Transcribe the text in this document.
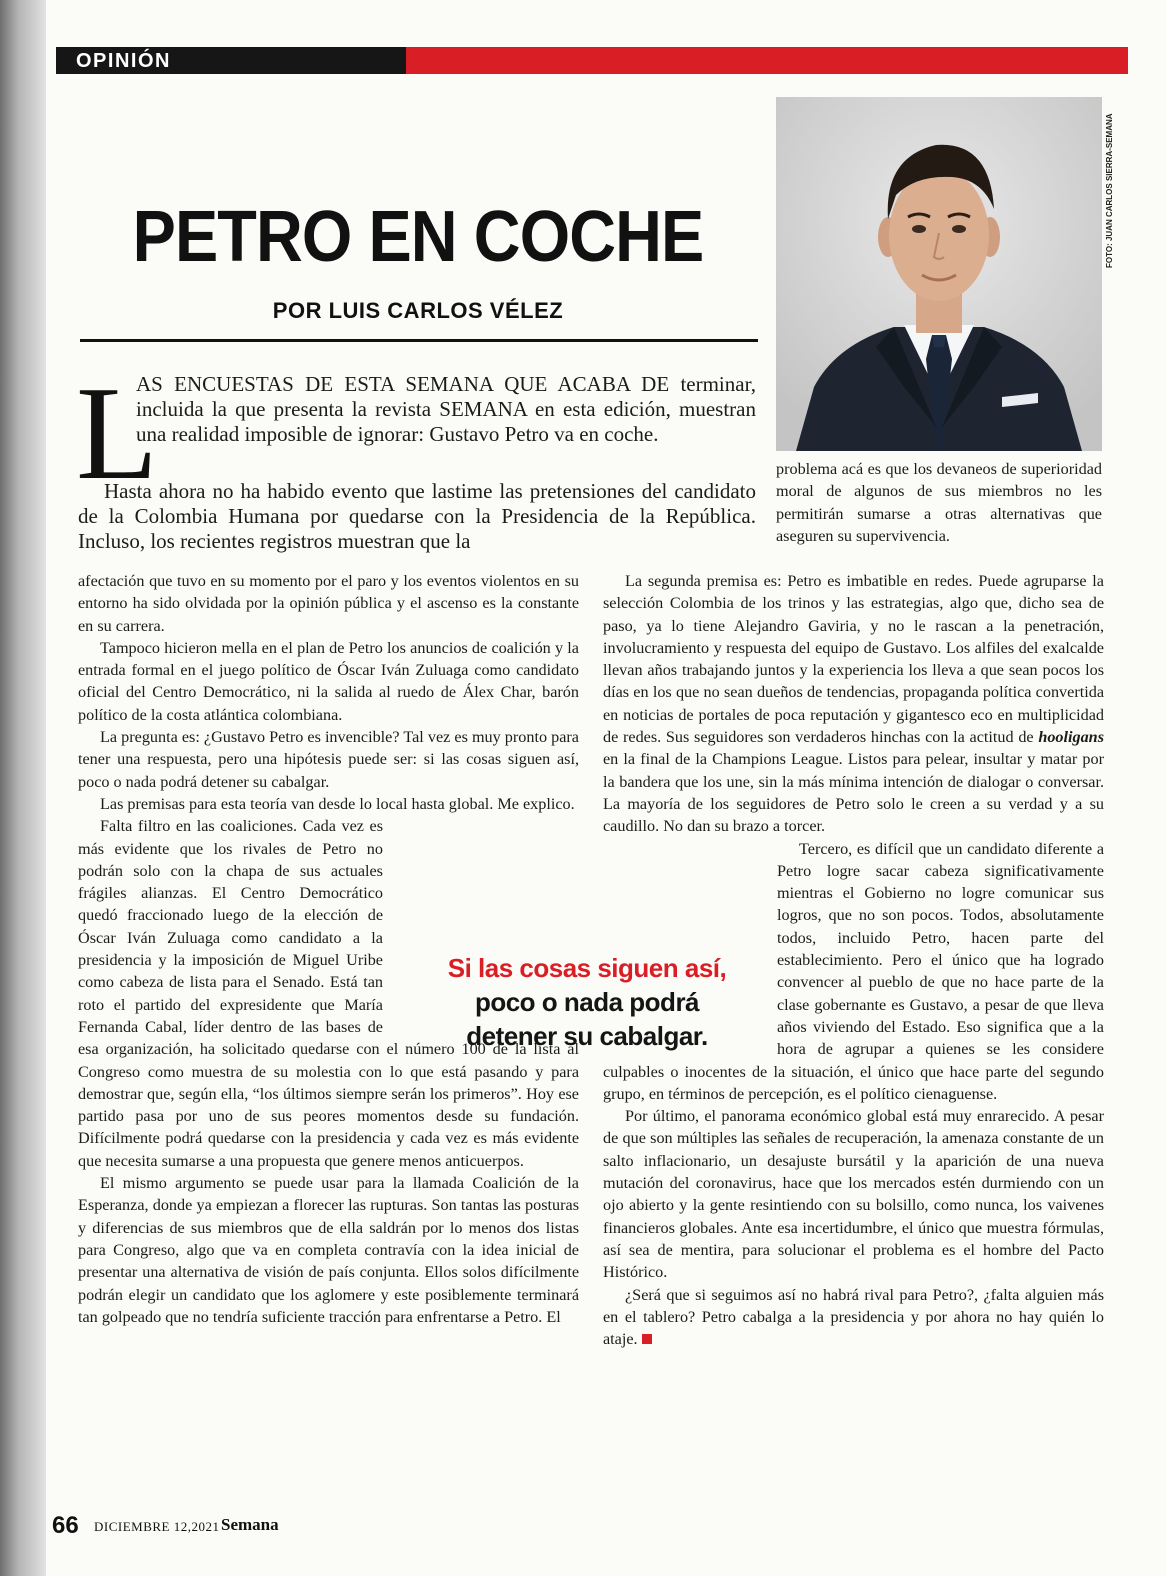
OPINIÓN
PETRO EN COCHE
POR LUIS CARLOS VÉLEZ
FOTO: JUAN CARLOS SIERRA-SEMANA
L

AS ENCUESTAS DE ESTA SEMANA QUE ACABA DE terminar, incluida la que presenta la revista SEMANA en esta edición, muestran una realidad imposible de ignorar: Gustavo Petro va en coche.

Hasta ahora no ha habido evento que lastime las pretensiones del candidato de la Colombia Humana por quedarse con la Presidencia de la República. Incluso, los recientes registros muestran que la

afectación que tuvo en su momento por el paro y los eventos violentos en su entorno ha sido olvidada por la opinión pública y el ascenso es la constante en su carrera.

Tampoco hicieron mella en el plan de Petro los anuncios de coalición y la entrada formal en el juego político de Óscar Iván Zuluaga como candidato oficial del Centro Democrático, ni la salida al ruedo de Álex Char, barón político de la costa atlántica colombiana.

La pregunta es: ¿Gustavo Petro es invencible? Tal vez es muy pronto para tener una respuesta, pero una hipótesis puede ser: si las cosas siguen así, poco o nada podrá detener su cabalgar.

Las premisas para esta teoría van desde lo local hasta global. Me explico.

Falta filtro en las coaliciones. Cada vez es más evidente que los rivales de Petro no podrán solo con la chapa de sus actuales frágiles alianzas. El Centro Democrático quedó fraccionado luego de la elección de Óscar Iván Zuluaga como candidato a la presidencia y la imposición de Miguel Uribe como cabeza de lista para el Senado. Está tan roto el partido del expresidente que María Fernanda Cabal, líder dentro de las bases de esa organización, ha solicitado quedarse con el número 100 de la lista al Congreso como muestra de su molestia con lo que está pasando y para demostrar que, según ella, “los últimos siempre serán los primeros”. Hoy ese partido pasa por uno de sus peores momentos desde su fundación. Difícilmente podrá quedarse con la presidencia y cada vez es más evidente que necesita sumarse a una propuesta que genere menos anticuerpos.

El mismo argumento se puede usar para la llamada Coalición de la Esperanza, donde ya empiezan a florecer las rupturas. Son tantas las posturas y diferencias de sus miembros que de ella saldrán por lo menos dos listas para Congreso, algo que va en completa contravía con la idea inicial de presentar una alternativa de visión de país conjunta. Ellos solos difícilmente podrán elegir un candidato que los aglomere y este posiblemente terminará tan golpeado que no tendría suficiente tracción para enfrentarse a Petro. El

problema acá es que los devaneos de superioridad moral de algunos de sus miembros no les permitirán sumarse a otras alternativas que aseguren su supervivencia.

La segunda premisa es: Petro es imbatible en redes. Puede agruparse la selección Colombia de los trinos y las estrategias, algo que, dicho sea de paso, ya lo tiene Alejandro Gaviria, y no le rascan a la penetración, involucramiento y respuesta del equipo de Gustavo. Los alfiles del exalcalde llevan años trabajando juntos y la experiencia los lleva a que sean pocos los días en los que no sean dueños de tendencias, propaganda política convertida en noticias de portales de poca reputación y gigantesco eco en multiplicidad de redes. Sus seguidores son verdaderos hinchas con la actitud de hooligans en la final de la Champions League. Listos para pelear, insultar y matar por la bandera que los une, sin la más mínima intención de dialogar o conversar. La mayoría de los seguidores de Petro solo le creen a su verdad y a su caudillo. No dan su brazo a torcer.

Tercero, es difícil que un candidato diferente a Petro logre sacar cabeza significativamente mientras el Gobierno no logre comunicar sus logros, que no son pocos. Todos, absolutamente todos, incluido Petro, hacen parte del establecimiento. Pero el único que ha logrado convencer al pueblo de que no hace parte de la clase gobernante es Gustavo, a pesar de que lleva años viviendo del Estado. Eso significa que a la hora de agrupar a quienes se les considere culpables o inocentes de la situación, el único que hace parte del segundo grupo, en términos de percepción, es el político cienaguense.

Por último, el panorama económico global está muy enrarecido. A pesar de que son múltiples las señales de recuperación, la amenaza constante de un salto inflacionario, un desajuste bursátil y la aparición de una nueva mutación del coronavirus, hace que los mercados estén durmiendo con un ojo abierto y la gente resintiendo con su bolsillo, como nunca, los vaivenes financieros globales. Ante esa incertidumbre, el único que muestra fórmulas, así sea de mentira, para solucionar el problema es el hombre del Pacto Histórico.

¿Será que si seguimos así no habrá rival para Petro?, ¿falta alguien más en el tablero? Petro cabalga a la presidencia y por ahora no hay quién lo ataje.

Si las cosas siguen así, poco o nada podrá detener su cabalgar.
66 DICIEMBRE 12,2021 Semana
